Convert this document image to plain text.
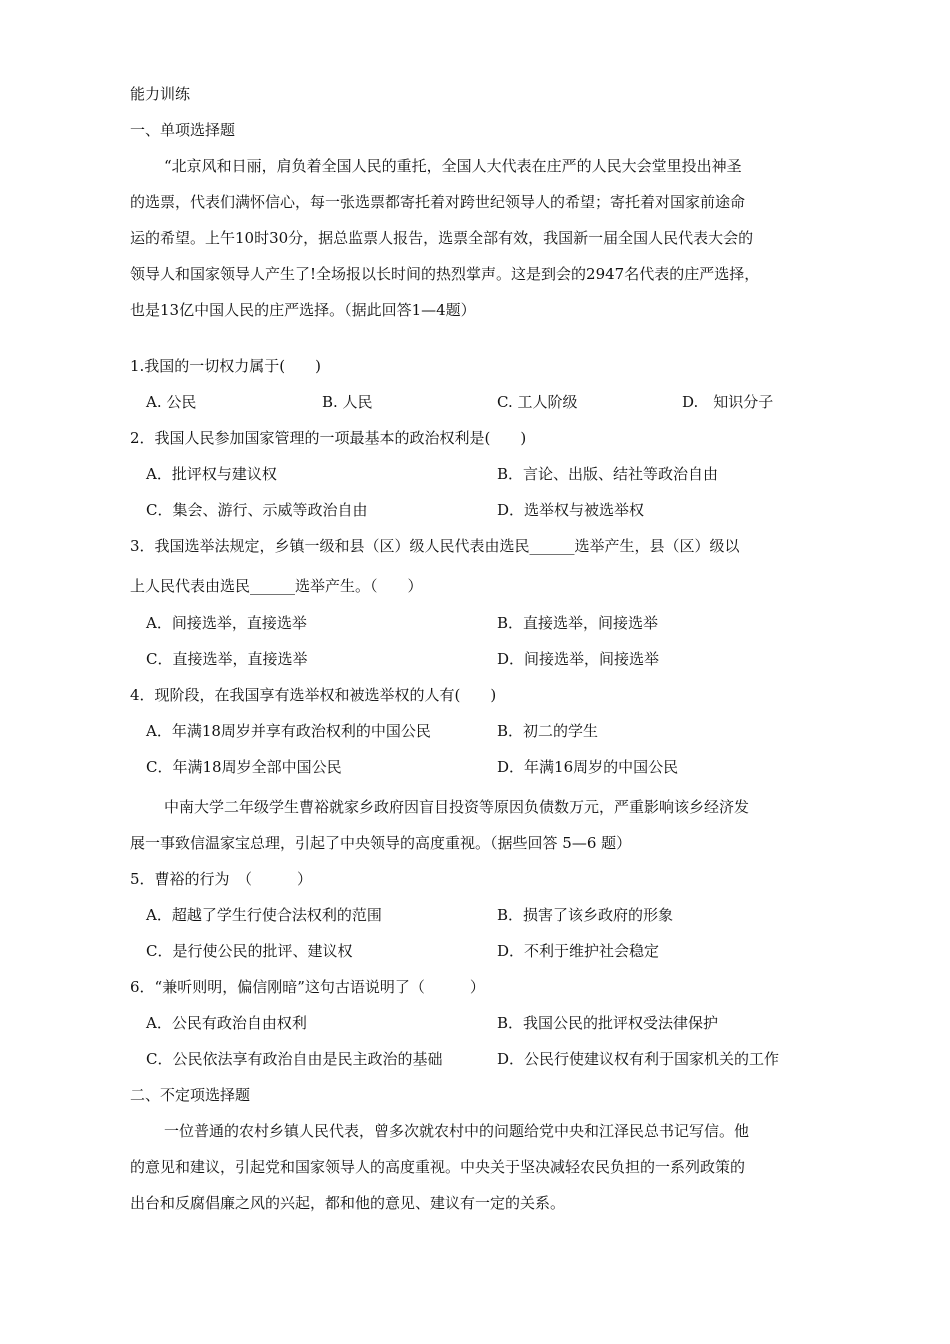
能力训练
一、单项选择题
“北京风和日丽，肩负着全国人民的重托，全国人大代表在庄严的人民大会堂里投出神圣
的选票，代表们满怀信心，每一张选票都寄托着对跨世纪领导人的希望；寄托着对国家前途命
运的希望。上午10时30分，据总监票人报告，选票全部有效，我国新一届全国人民代表大会的
领导人和国家领导人产生了!全场报以长时间的热烈掌声。这是到会的2947名代表的庄严选择，
也是13亿中国人民的庄严选择。（据此回答1—4题）
1.我国的一切权力属于(　　)
A. 公民	B. 人民	C. 工人阶级	D.　知识分子
2．我国人民参加国家管理的一项最基本的政治权利是(　　)
A．批评权与建议权	B．言论、出版、结社等政治自由
C．集会、游行、示威等政治自由	D．选举权与被选举权
3．我国选举法规定，乡镇一级和县（区）级人民代表由选民______选举产生，县（区）级以
上人民代表由选民______选举产生。（　　）
A．间接选举，直接选举	B．直接选举，间接选举
C．直接选举，直接选举	D．间接选举，间接选举
4．现阶段，在我国享有选举权和被选举权的人有(　　)
A．年满18周岁并享有政治权利的中国公民	B．初二的学生
C．年满18周岁全部中国公民	D．年满16周岁的中国公民
中南大学二年级学生曹裕就家乡政府因盲目投资等原因负债数万元，严重影响该乡经济发
展一事致信温家宝总理，引起了中央领导的高度重视。（据些回答 5—6 题）
5．曹裕的行为　（　　　）
A．超越了学生行使合法权利的范围	B．损害了该乡政府的形象
C．是行使公民的批评、建议权	D．不利于维护社会稳定
6．“兼听则明，偏信刚暗”这句古语说明了（　　　）
A．公民有政治自由权利	B．我国公民的批评权受法律保护
C．公民依法享有政治自由是民主政治的基础	D．公民行使建议权有利于国家机关的工作
二、不定项选择题
一位普通的农村乡镇人民代表，曾多次就农村中的问题给党中央和江泽民总书记写信。他
的意见和建议，引起党和国家领导人的高度重视。中央关于坚决减轻农民负担的一系列政策的
出台和反腐倡廉之风的兴起，都和他的意见、建议有一定的关系。
